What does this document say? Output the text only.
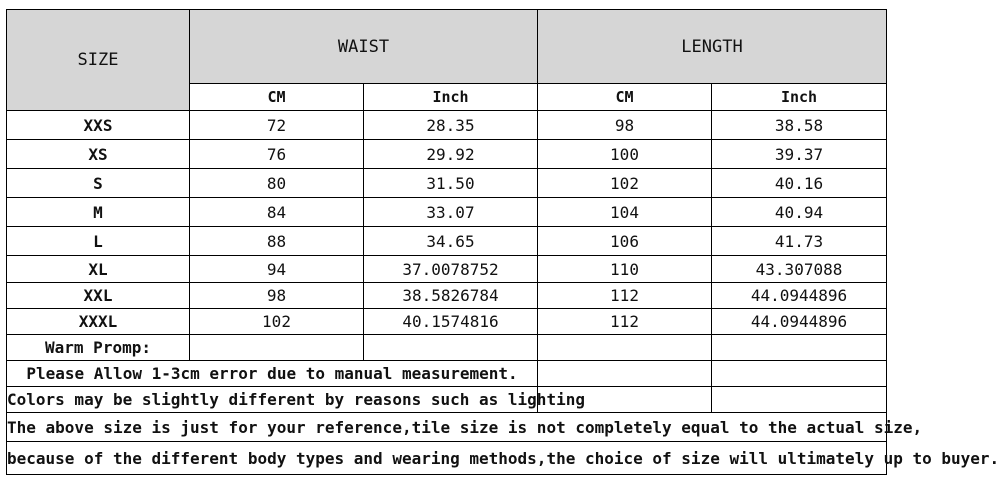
SIZE	WAIST		LENGTH	
	CM	Inch	CM	Inch
XXS	72	28.35	98	38.58
XS	76	29.92	100	39.37
S	80	31.50	102	40.16
M	84	33.07	104	40.94
L	88	34.65	106	41.73
XL	94	37.0078752	110	43.307088
XXL	98	38.5826784	112	44.0944896
XXXL	102	40.1574816	112	44.0944896
Warm Promp:				
Please Allow 1-3cm error due to manual measurement.				
Colors may be slightly different by reasons such as lighting				
The above size is just for your reference,tile size is not completely equal to the actual size,				
because of the different body types and wearing methods,the choice of size will ultimately up to buyer.				
